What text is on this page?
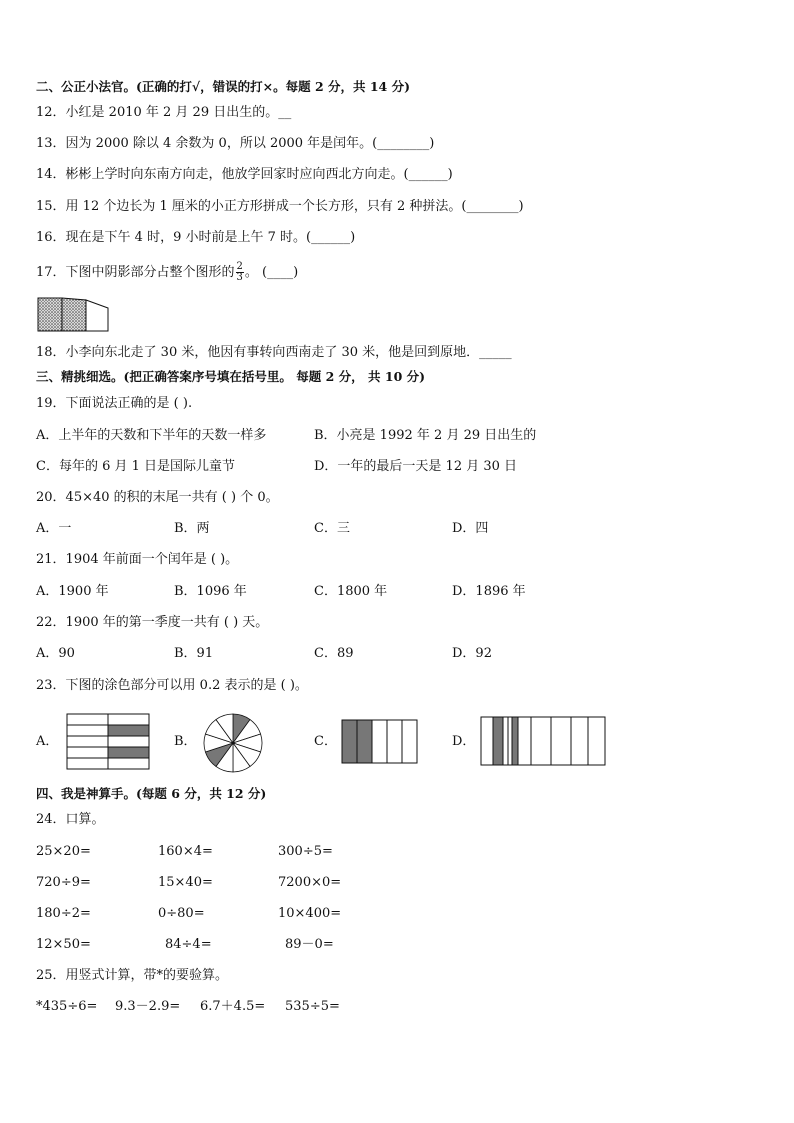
二、公正小法官。(正确的打√，错误的打×。每题 2 分，共 14 分)
12．小红是 2010 年 2 月 29 日出生的。__
13．因为 2000 除以 4 余数为 0，所以 2000 年是闰年。(________)
14．彬彬上学时向东南方向走，他放学回家时应向西北方向走。(______)
15．用 12 个边长为 1 厘米的小正方形拼成一个长方形，只有 2 种拼法。(________)
16．现在是下午 4 时，9 小时前是上午 7 时。(______)
17．下图中阴影部分占整个图形的 $\frac{2}{3}$ 。 (____)
18．小李向东北走了 30 米，他因有事转向西南走了 30 米，他是回到原地．_____
三、精挑细选。(把正确答案序号填在括号里。 每题 2 分， 共 10 分)
19．下面说法正确的是 ( ).
A．上半年的天数和下半年的天数一样多	B．小亮是 1992 年 2 月 29 日出生的
C．每年的 6 月 1 日是国际儿童节	D．一年的最后一天是 12 月 30 日
20．45×40 的积的末尾一共有 ( ) 个 0。
A．一	B．两	C．三	D．四
21．1904 年前面一个闰年是 ( )。
A．1900 年	B．1096 年	C．1800 年	D．1896 年
22．1900 年的第一季度一共有 ( ) 天。
A．90	B．91	C．89	D．92
23．下图的涂色部分可以用 0.2 表示的是 ( )。
A．	B．	C．	D．
四、我是神算手。(每题 6 分，共 12 分)
24．口算。
25×20=	160×4=	300÷5=
720÷9=	15×40=	7200×0=
180÷2=	0÷80=	10×400=
12×50=	84÷4=	89－0=
25．用竖式计算，带*的要验算。
*435÷6= 9.3－2.9= 6.7＋4.5= 535÷5=
